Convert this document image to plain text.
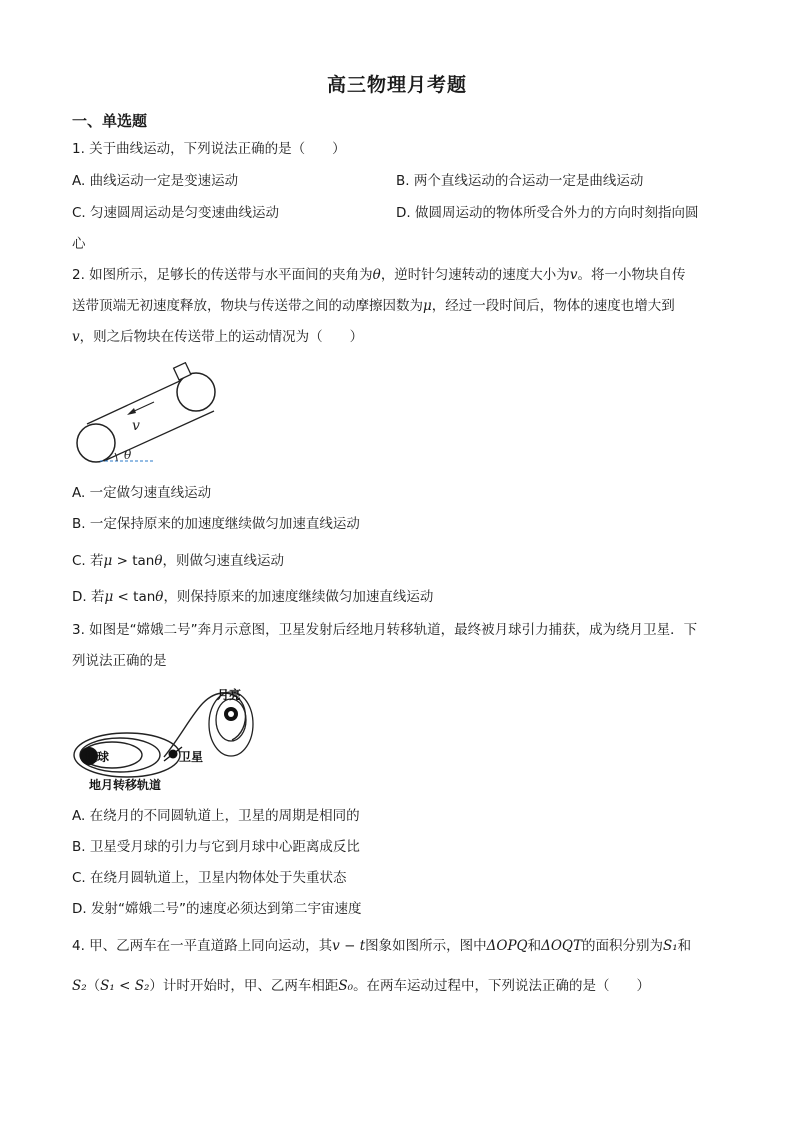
高三物理月考题
一、单选题
1. 关于曲线运动，下列说法正确的是（　　）
A. 曲线运动一定是变速运动	B. 两个直线运动的合运动一定是曲线运动
C. 匀速圆周运动是匀变速曲线运动	D. 做圆周运动的物体所受合外力的方向时刻指向圆
心
2. 如图所示，足够长的传送带与水平面间的夹角为θ，逆时针匀速转动的速度大小为v。将一小物块自传
送带顶端无初速度释放，物块与传送带之间的动摩擦因数为μ，经过一段时间后，物体的速度也增大到
v，则之后物块在传送带上的运动情况为（　　）
v
θ
A. 一定做匀速直线运动
B. 一定保持原来的加速度继续做匀加速直线运动
C. 若μ > tanθ，则做匀速直线运动
D. 若μ < tanθ，则保持原来的加速度继续做匀加速直线运动
3. 如图是“嫦娥二号”奔月示意图，卫星发射后经地月转移轨道，最终被月球引力捕获，成为绕月卫星．下
列说法正确的是
地球
月亮
卫星
地月转移轨道
A. 在绕月的不同圆轨道上，卫星的周期是相同的
B. 卫星受月球的引力与它到月球中心距离成反比
C. 在绕月圆轨道上，卫星内物体处于失重状态
D. 发射“嫦娥二号”的速度必须达到第二宇宙速度
4. 甲、乙两车在一平直道路上同向运动，其v − t图象如图所示，图中ΔOPQ和ΔOQT的面积分别为S₁和
S₂（S₁ < S₂）计时开始时，甲、乙两车相距S₀。在两车运动过程中，下列说法正确的是（　　）
